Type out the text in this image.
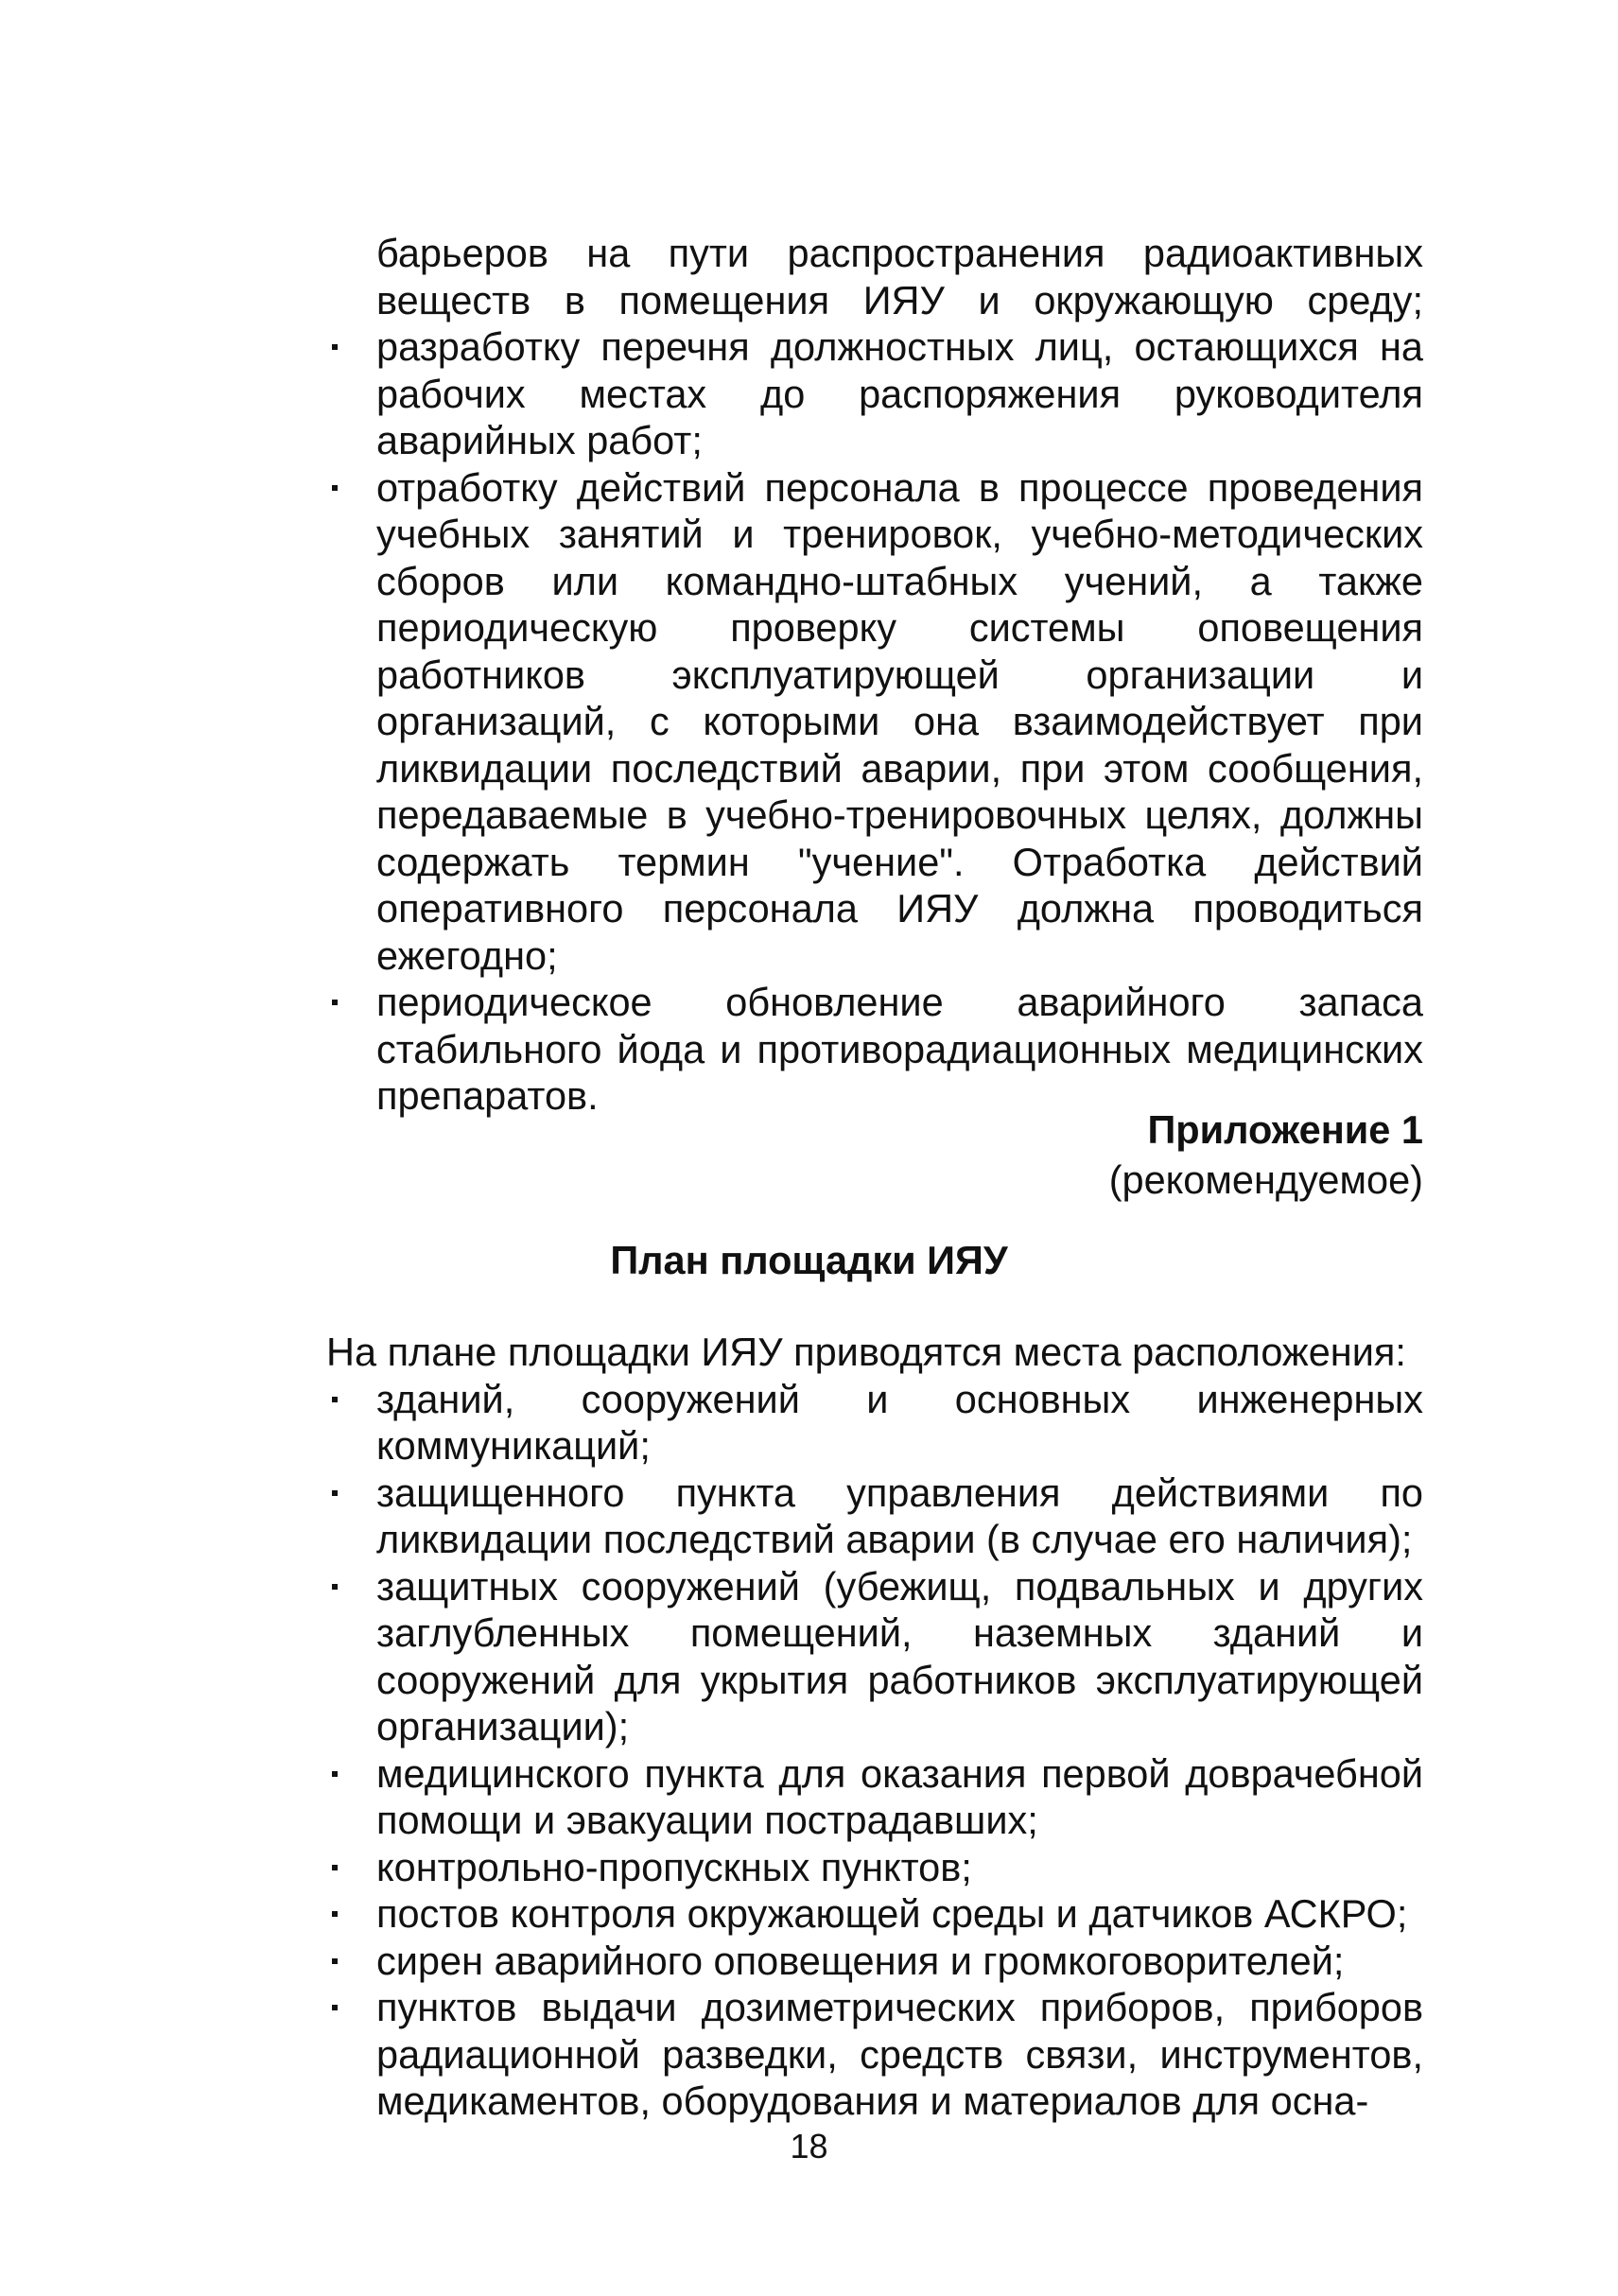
барьеров на пути распространения радиоактивных веществ в помещения ИЯУ и окружающую среду;
разработку перечня должностных лиц, остающихся на рабочих местах до распоряжения руководителя аварийных работ;
отработку действий персонала в процессе проведения учебных занятий и тренировок, учебно-методических сборов или командно-штабных учений, а также периодическую проверку системы оповещения работников эксплуатирующей организации и организаций, с которыми она взаимодействует при ликвидации последствий аварии, при этом сообщения, передаваемые в учебно-тренировочных целях, должны содержать термин "учение". Отработка действий оперативного персонала ИЯУ должна проводиться ежегодно;
периодическое обновление аварийного запаса стабильного йода и противорадиационных медицинских препаратов.
Приложение 1
(рекомендуемое)
План площадки ИЯУ
На плане площадки ИЯУ приводятся места расположения:
зданий, сооружений и основных инженерных коммуникаций;
защищенного пункта управления действиями по ликвидации последствий аварии (в случае его наличия);
защитных сооружений (убежищ, подвальных и других заглубленных помещений, наземных зданий и сооружений для укрытия работников эксплуатирующей организации);
медицинского пункта для оказания первой доврачебной помощи и эвакуации пострадавших;
контрольно-пропускных пунктов;
постов контроля окружающей среды и датчиков АСКРО;
сирен аварийного оповещения и громкоговорителей;
пунктов выдачи дозиметрических приборов, приборов радиационной разведки, средств связи, инструментов, медикаментов, оборудования и материалов для осна-
18
